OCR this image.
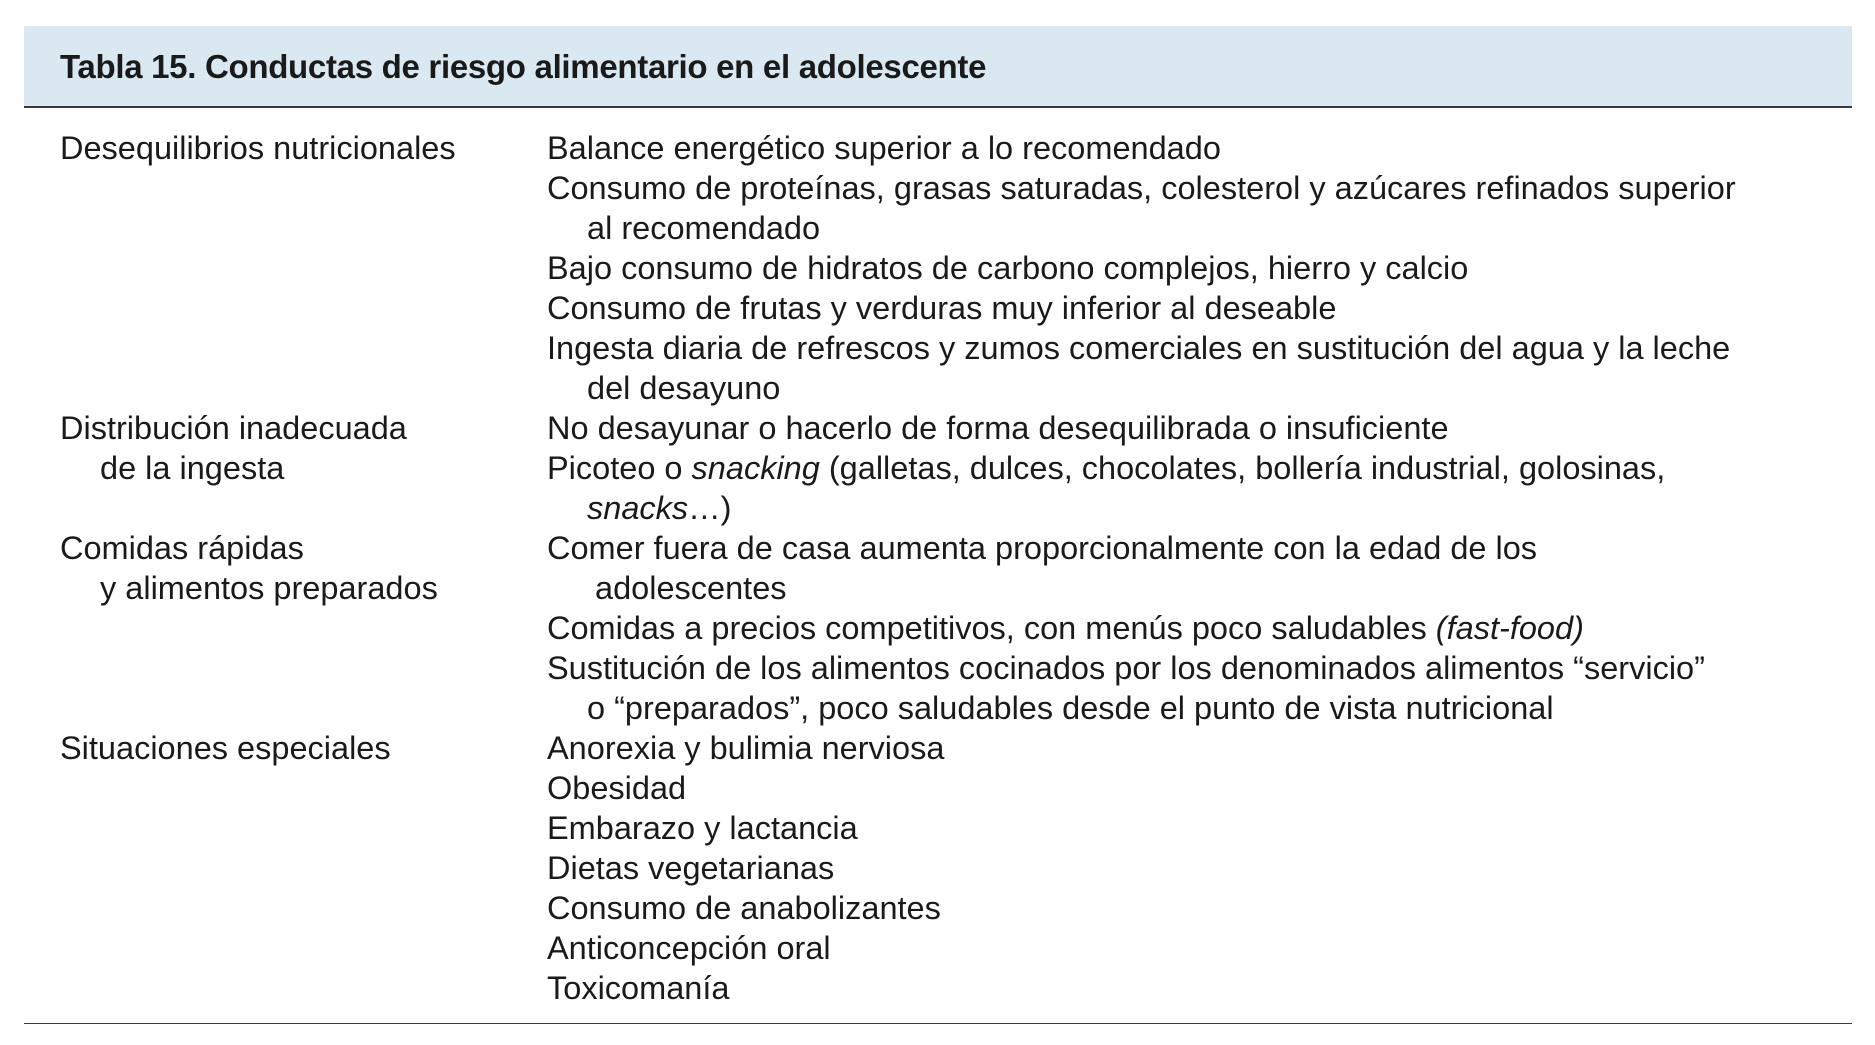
Tabla 15. Conductas de riesgo alimentario en el adolescente
Desequilibrios nutricionales	Balance energético superior a lo recomendado
Consumo de proteínas, grasas saturadas, colesterol y azúcares refinados superior
al recomendado
Bajo consumo de hidratos de carbono complejos, hierro y calcio
Consumo de frutas y verduras muy inferior al deseable
Ingesta diaria de refrescos y zumos comerciales en sustitución del agua y la leche
del desayuno
Distribución inadecuada
de la ingesta
No desayunar o hacerlo de forma desequilibrada o insuficiente
Picoteo o snacking (galletas, dulces, chocolates, bollería industrial, golosinas,
snacks…)
Comidas rápidas
y alimentos preparados
Comer fuera de casa aumenta proporcionalmente con la edad de los
adolescentes
Comidas a precios competitivos, con menús poco saludables (fast-food)
Sustitución de los alimentos cocinados por los denominados alimentos “servicio”
o “preparados”, poco saludables desde el punto de vista nutricional
Situaciones especiales	Anorexia y bulimia nerviosa
Obesidad
Embarazo y lactancia
Dietas vegetarianas
Consumo de anabolizantes
Anticoncepción oral
Toxicomanía
